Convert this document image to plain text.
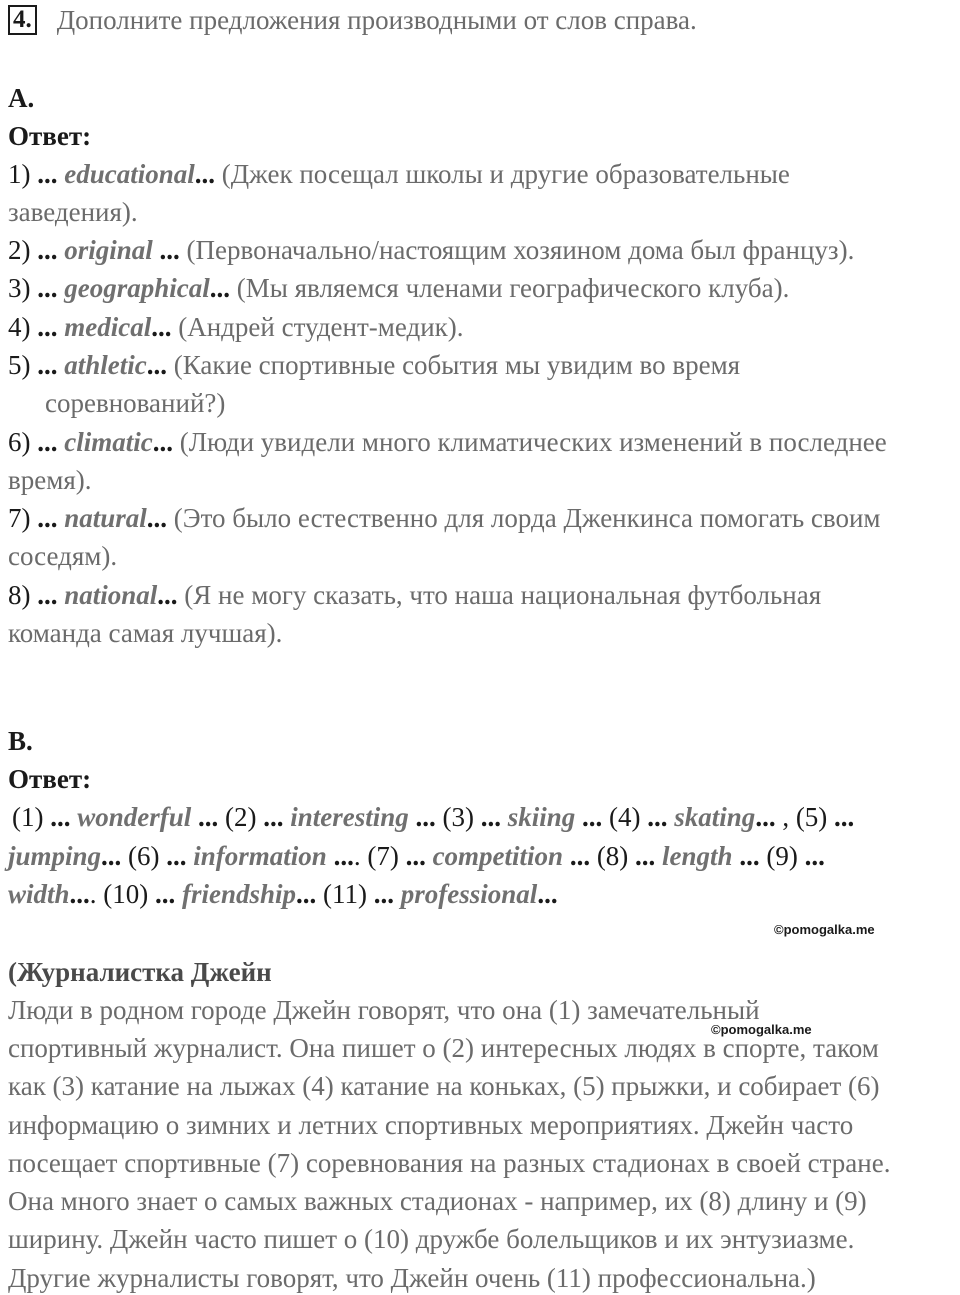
4. Дополните предложения производными от слов справа.
A.
Ответ:
1) ... educational... (Джек посещал школы и другие образовательные
заведения).
2) ... original ... (Первоначально/настоящим хозяином дома был француз).
3) ... geographical... (Мы являемся членами географического клуба).
4) ... medical... (Андрей студент-медик).
5) ... athletic... (Какие спортивные события мы увидим во время
соревнований?)
6) ... climatic... (Люди увидели много климатических изменений в последнее
время).
7) ... natural... (Это было естественно для лорда Дженкинса помогать своим
соседям).
8) ... national... (Я не могу сказать, что наша национальная футбольная
команда самая лучшая).
B.
Ответ:
(1) ... wonderful ... (2) ... interesting ... (3) ... skiing ... (4) ... skating... , (5) ...
jumping... (6) ... information .... (7) ... competition ... (8) ... length ... (9) ...
width.... (10) ... friendship... (11) ... professional...
©pomogalka.me
(Журналистка Джейн
Люди в родном городе Джейн говорят, что она (1) замечательный
©pomogalka.me
спортивный журналист. Она пишет о (2) интересных людях в спорте, таком
как (3) катание на лыжах (4) катание на коньках, (5) прыжки, и собирает (6)
информацию о зимних и летних спортивных мероприятиях. Джейн часто
посещает спортивные (7) соревнования на разных стадионах в своей стране.
Она много знает о самых важных стадионах - например, их (8) длину и (9)
ширину. Джейн часто пишет о (10) дружбе болельщиков и их энтузиазме.
Другие журналисты говорят, что Джейн очень (11) профессиональна.)
